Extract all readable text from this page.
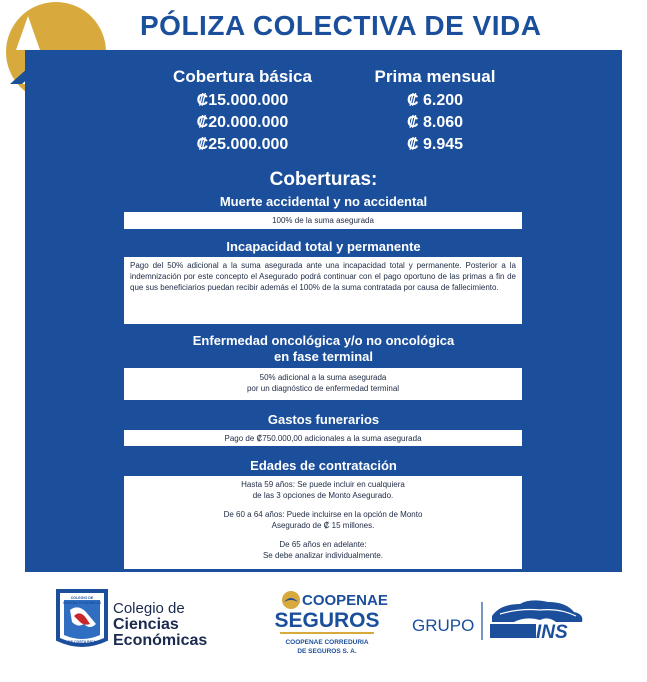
PÓLIZA COLECTIVA DE VIDA
Cobertura básica
₡15.000.000
₡20.000.000
₡25.000.000
Prima mensual
₡ 6.200
₡ 8.060
₡ 9.945
Coberturas:
Muerte accidental y no accidental
100% de la suma asegurada
Incapacidad total y permanente

Pago del 50% adicional a la suma asegurada ante una incapacidad total y permanente. Posterior a la indemnización por este concepto el Asegurado podrá continuar con el pago oportuno de las primas a fin de que sus beneficiarios puedan recibir además el 100% de la suma contratada por causa de fallecimiento.

Enfermedad oncológica y/o no oncológica
en fase terminal
50% adicional a la suma asegurada
por un diagnóstico de enfermedad terminal
Gastos funerarios
Pago de ₡750.000,00 adicionales a la suma asegurada
Edades de contratación
Hasta 59 años: Se puede incluir en cualquiera
de las 3 opciones de Monto Asegurado.
De 60 a 64 años: Puede incluirse en la opción de Monto
Asegurado de ₡ 15 millones.
De 65 años en adelante:
Se debe analizar individualmente.
COLEGIO DE
CIENCIAS ECONÓMICAS
DE COSTA RICA
Colegio de
Ciencias
Económicas
COOPENAE
SEGUROS
COOPENAE CORREDURIA
DE SEGUROS S. A.
GRUPO	INS
